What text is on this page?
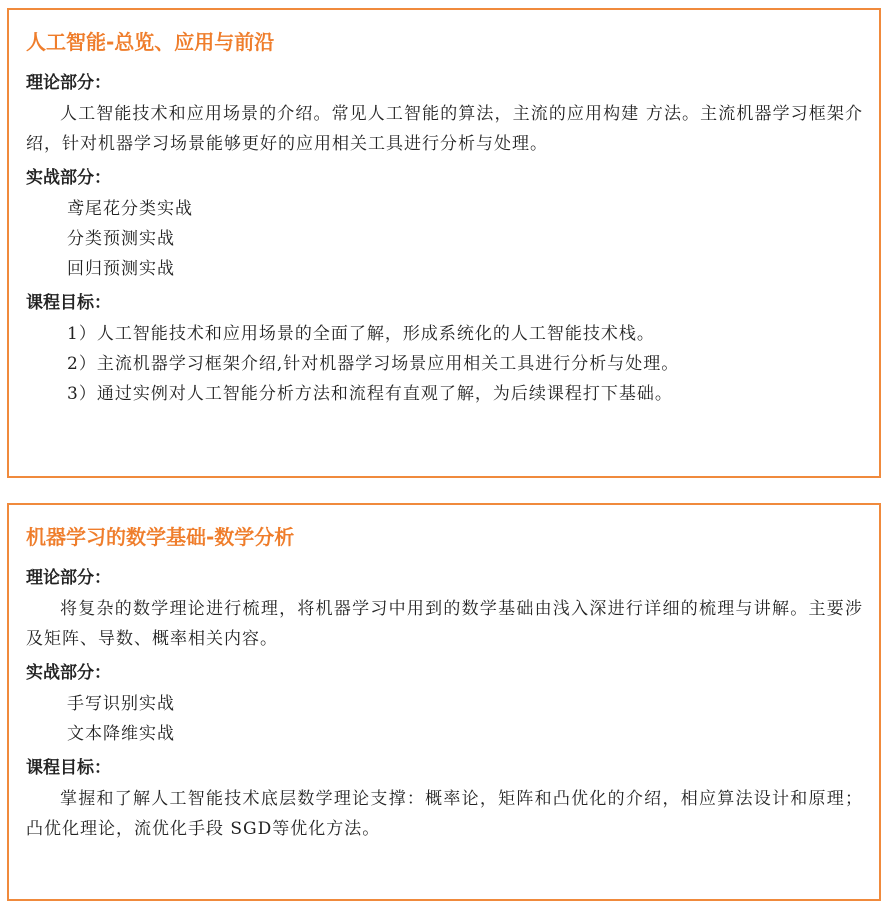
人工智能-总览、应用与前沿
理论部分：

人工智能技术和应用场景的介绍。常见人工智能的算法，主流的应用构建 方法。主流机器学习框架介绍，针对机器学习场景能够更好的应用相关工具进行分析与处理。

实战部分：
鸢尾花分类实战
分类预测实战
回归预测实战
课程目标：
1）人工智能技术和应用场景的全面了解，形成系统化的人工智能技术栈。
2）主流机器学习框架介绍,针对机器学习场景应用相关工具进行分析与处理。
3）通过实例对人工智能分析方法和流程有直观了解，为后续课程打下基础。
机器学习的数学基础-数学分析
理论部分：

将复杂的数学理论进行梳理，将机器学习中用到的数学基础由浅入深进行详细的梳理与讲解。主要涉及矩阵、导数、概率相关内容。

实战部分：
手写识别实战
文本降维实战
课程目标：

掌握和了解人工智能技术底层数学理论支撑：概率论，矩阵和凸优化的介绍，相应算法设计和原理；凸优化理论，流优化手段 SGD等优化方法。
